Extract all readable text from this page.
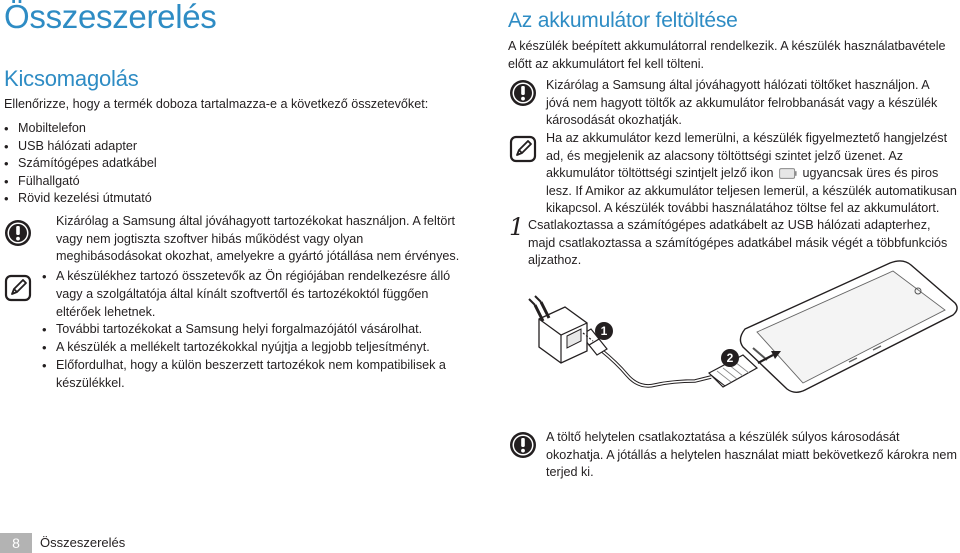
Összeszerelés
Kicsomagolás
Ellenőrizze, hogy a termék doboza tartalmazza-e a következő összetevőket:
• Mobiltelefon
• USB hálózati adapter
• Számítógépes adatkábel
• Fülhallgató
• Rövid kezelési útmutató
Kizárólag a Samsung által jóváhagyott tartozékokat használjon. A feltört vagy nem jogtiszta szoftver hibás működést vagy olyan meghibásodásokat okozhat, amelyekre a gyártó jótállása nem érvényes.
• A készülékhez tartozó összetevők az Ön régiójában rendelkezésre álló vagy a szolgáltatója által kínált szoftvertől és tartozékoktól függően eltérőek lehetnek.
• További tartozékokat a Samsung helyi forgalmazójától vásárolhat.
• A készülék a mellékelt tartozékokkal nyújtja a legjobb teljesítményt.
• Előfordulhat, hogy a külön beszerzett tartozékok nem kompatibilisek a készülékkel.
Az akkumulátor feltöltése
A készülék beépített akkumulátorral rendelkezik. A készülék használatbavétele előtt az akkumulátort fel kell tölteni.
Kizárólag a Samsung által jóváhagyott hálózati töltőket használjon. A jóvá nem hagyott töltők az akkumulátor felrobbanását vagy a készülék károsodását okozhatják.
Ha az akkumulátor kezd lemerülni, a készülék figyelmeztető hangjelzést ad, és megjelenik az alacsony töltöttségi szintet jelző üzenet. Az akkumulátor töltöttségi szintjelt jelző ikon ugyancsak üres és piros lesz. If Amikor az akkumulátor teljesen lemerül, a készülék automatikusan kikapcsol. A készülék további használatához töltse fel az akkumulátort.
1 Csatlakoztassa a számítógépes adatkábelt az USB hálózati adapterhez, majd csatlakoztassa a számítógépes adatkábel másik végét a többfunkciós aljzathoz.
1
2
A töltő helytelen csatlakoztatása a készülék súlyos károsodását okozhatja. A jótállás a helytelen használat miatt bekövetkező károkra nem terjed ki.
8	Összeszerelés
